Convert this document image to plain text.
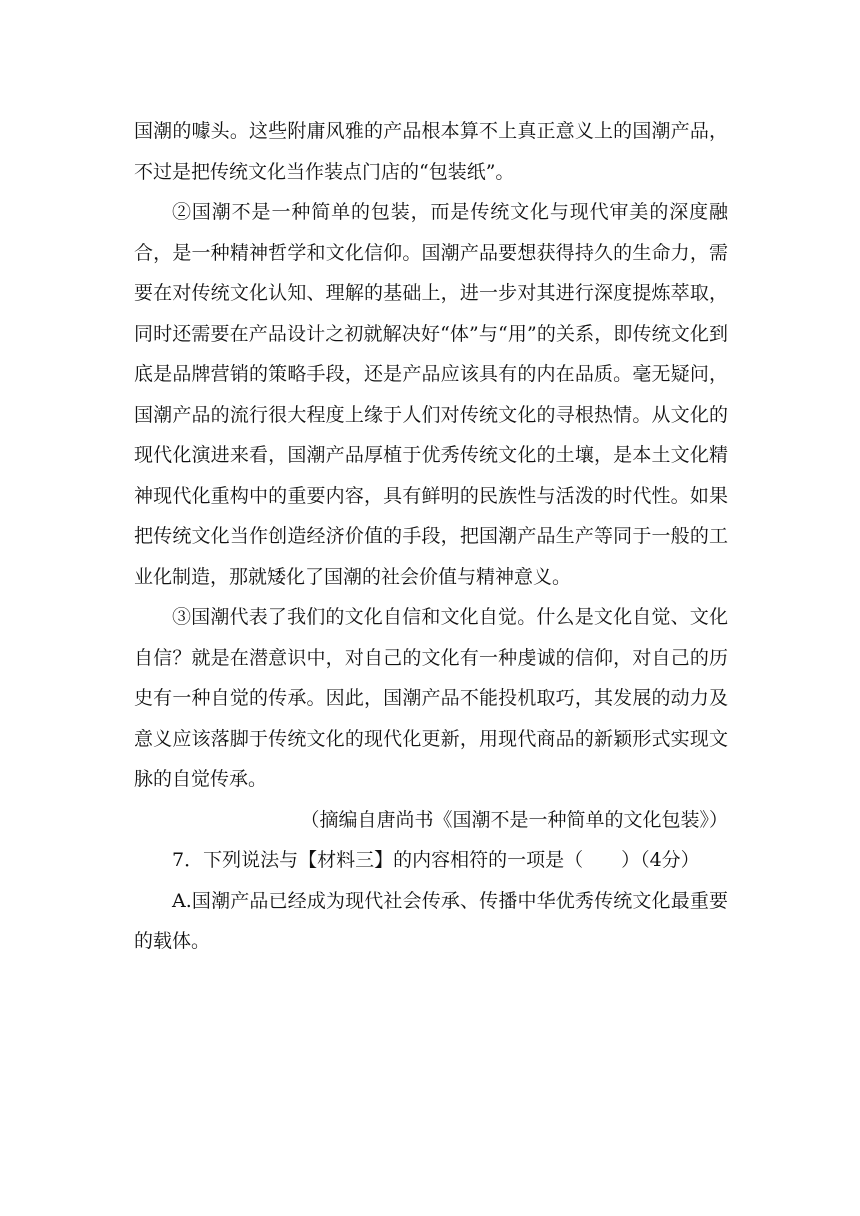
国潮的噱头。这些附庸风雅的产品根本算不上真正意义上的国潮产品，不过是把传统文化当作装点门店的“包装纸”。

②国潮不是一种简单的包装，而是传统文化与现代审美的深度融合，是一种精神哲学和文化信仰。国潮产品要想获得持久的生命力，需要在对传统文化认知、理解的基础上，进一步对其进行深度提炼萃取，同时还需要在产品设计之初就解决好“体”与“用”的关系，即传统文化到底是品牌营销的策略手段，还是产品应该具有的内在品质。毫无疑问，国潮产品的流行很大程度上缘于人们对传统文化的寻根热情。从文化的现代化演进来看，国潮产品厚植于优秀传统文化的土壤，是本土文化精神现代化重构中的重要内容，具有鲜明的民族性与活泼的时代性。如果把传统文化当作创造经济价值的手段，把国潮产品生产等同于一般的工业化制造，那就矮化了国潮的社会价值与精神意义。

③国潮代表了我们的文化自信和文化自觉。什么是文化自觉、文化自信？就是在潜意识中，对自己的文化有一种虔诚的信仰，对自己的历史有一种自觉的传承。因此，国潮产品不能投机取巧，其发展的动力及意义应该落脚于传统文化的现代化更新，用现代商品的新颖形式实现文脉的自觉传承。

（摘编自唐尚书《国潮不是一种简单的文化包装》）

7．下列说法与【材料三】的内容相符的一项是（　　）（4分）

A.国潮产品已经成为现代社会传承、传播中华优秀传统文化最重要的载体。
